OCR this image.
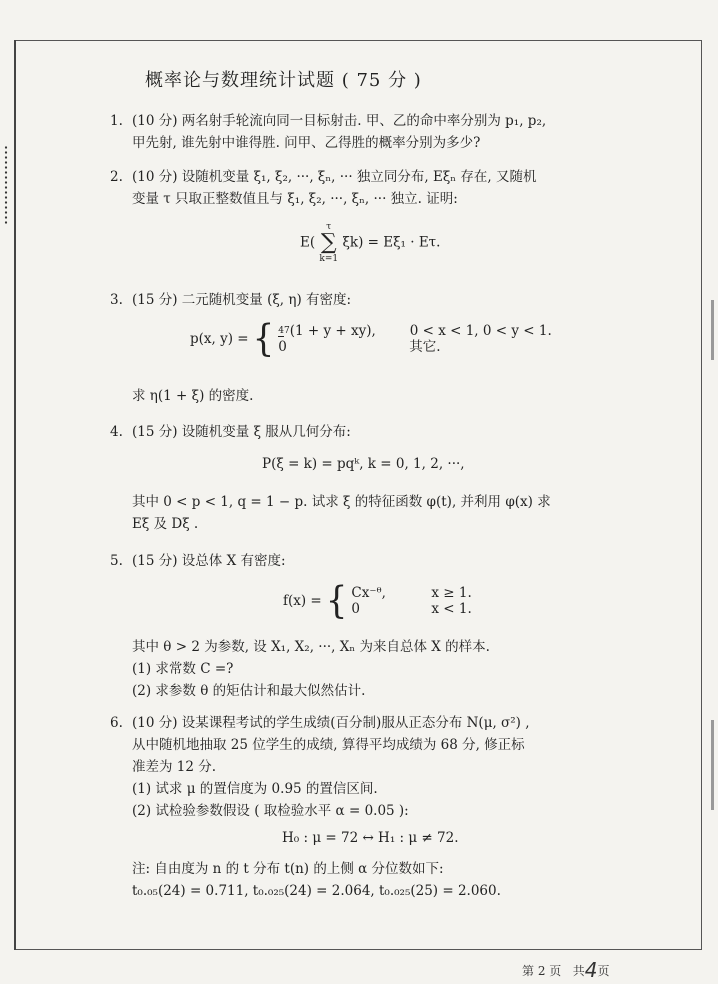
概率论与数理统计试题 ( 75 分 )

1. (10 分) 两名射手轮流向同一目标射击. 甲、乙的命中率分别为 p₁, p₂,

甲先射, 谁先射中谁得胜. 问甲、乙得胜的概率分别为多少?

2. (10 分) 设随机变量 ξ₁, ξ₂, ···, ξₙ, ··· 独立同分布, Eξₙ 存在, 又随机

变量 τ 只取正整数值且与 ξ₁, ξ₂, ···, ξₙ, ··· 独立. 证明:

E(
τ
∑
k=1
ξk) = Eξ₁ · Eτ.

3. (15 分) 二元随机变量 (ξ, η) 有密度:

p(x, y) = { 47(1 + y + xy),	0 < x < 1, 0 < y < 1.
0	其它.

求 η(1 + ξ) 的密度.

4. (15 分) 设随机变量 ξ 服从几何分布:

P(ξ = k) = pqᵏ, k = 0, 1, 2, ···,

其中 0 < p < 1, q = 1 − p. 试求 ξ 的特征函数 φ(t), 并利用 φ(x) 求

Eξ 及 Dξ .

5. (15 分) 设总体 X 有密度:

f(x) = { Cx⁻ᶿ,	x ≥ 1.
0	x < 1.

其中 θ > 2 为参数, 设 X₁, X₂, ···, Xₙ 为来自总体 X 的样本.

(1) 求常数 C =?

(2) 求参数 θ 的矩估计和最大似然估计.

6. (10 分) 设某课程考试的学生成绩(百分制)服从正态分布 N(μ, σ²) ,

从中随机地抽取 25 位学生的成绩, 算得平均成绩为 68 分, 修正标

准差为 12 分.

(1) 试求 μ 的置信度为 0.95 的置信区间.

(2) 试检验参数假设 ( 取检验水平 α = 0.05 ):

H₀ : μ = 72 ↔ H₁ : μ ≠ 72.

注: 自由度为 n 的 t 分布 t(n) 的上侧 α 分位数如下:

t₀.₀₅(24) = 0.711, t₀.₀₂₅(24) = 2.064, t₀.₀₂₅(25) = 2.060.

第 2 页 共4页
